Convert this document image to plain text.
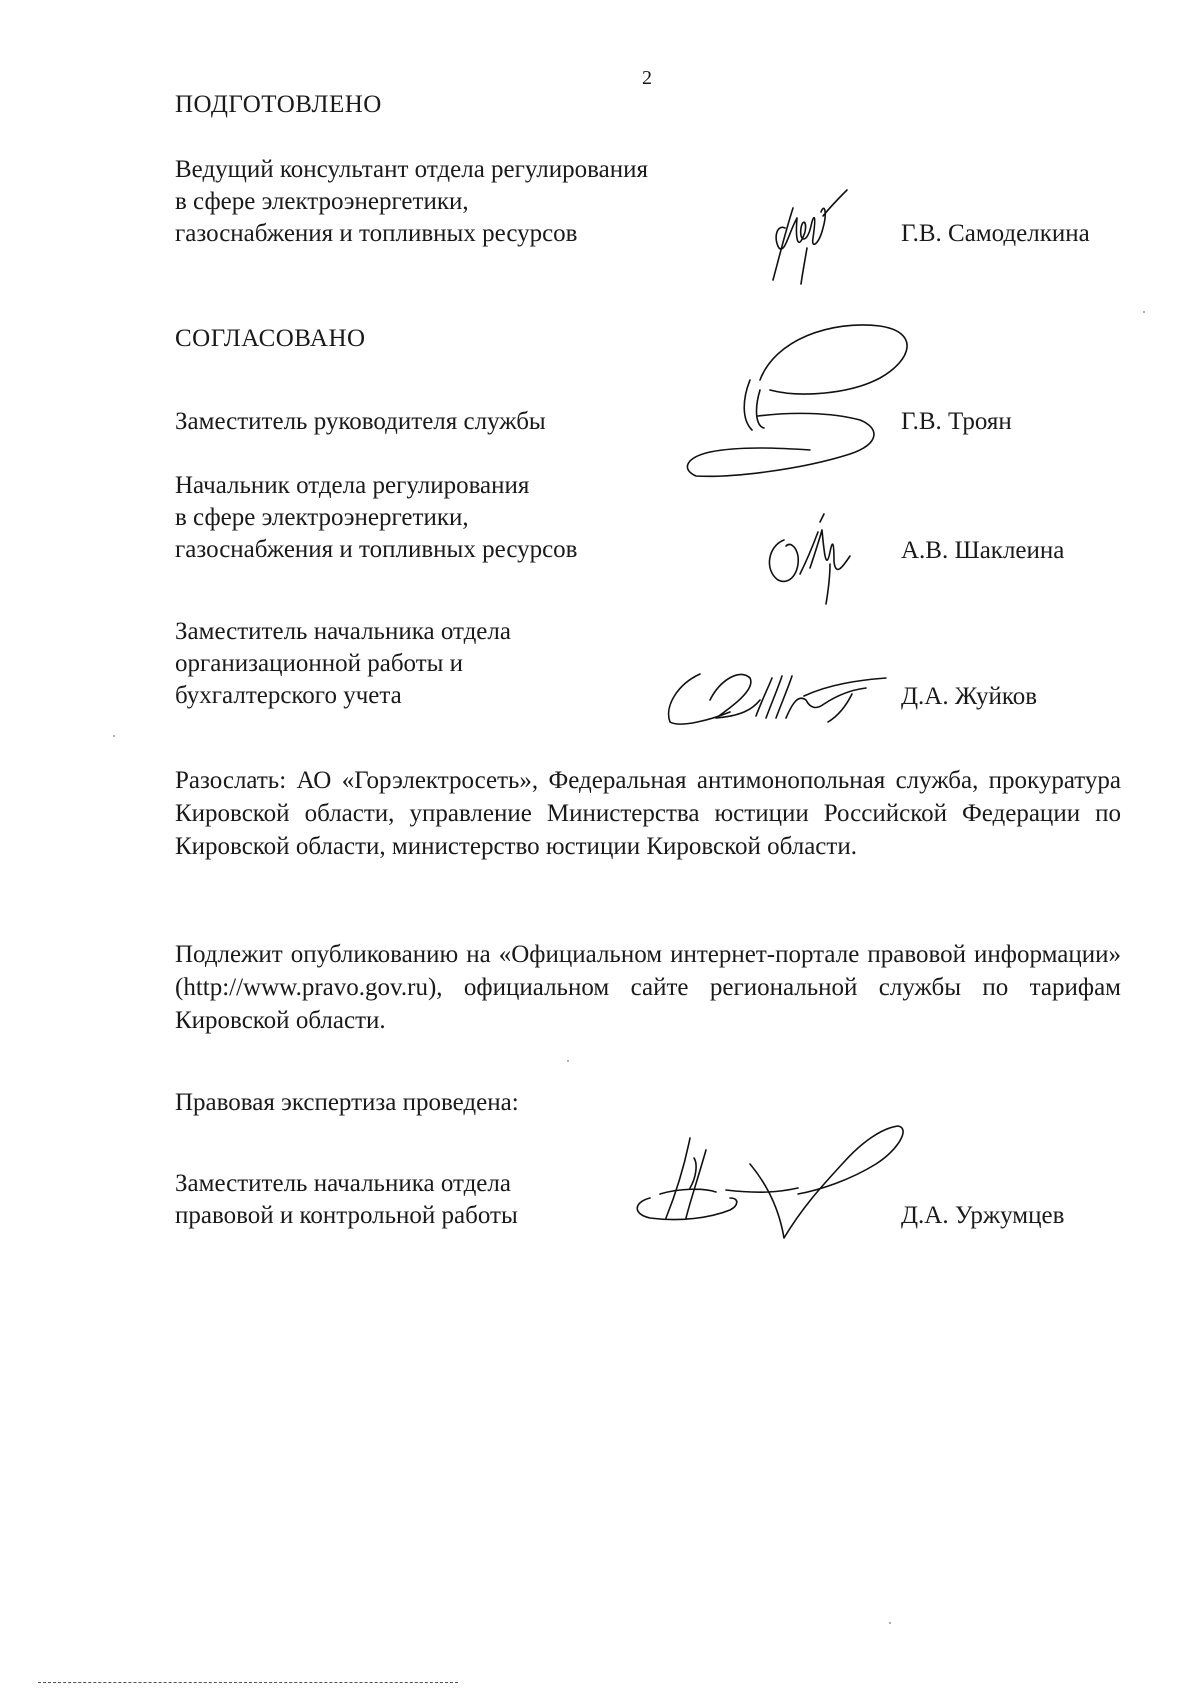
2
ПОДГОТОВЛЕНО
Ведущий консультант отдела регулирования
в сфере электроэнергетики,
газоснабжения и топливных ресурсов	Г.В. Самоделкина
СОГЛАСОВАНО
Заместитель руководителя службы	Г.В. Троян
Начальник отдела регулирования
в сфере электроэнергетики,
газоснабжения и топливных ресурсов	А.В. Шаклеина
Заместитель начальника отдела
организационной работы и
бухгалтерского учета	Д.А. Жуйков
Разослать: АО «Горэлектросеть», Федеральная антимонопольная служба, прокуратура Кировской области, управление Министерства юстиции Российской Федерации по Кировской области, министерство юстиции Кировской области.
Подлежит опубликованию на «Официальном интернет-портале правовой информации» (http://www.pravo.gov.ru), официальном сайте региональной службы по тарифам Кировской области.
Правовая экспертиза проведена:
Заместитель начальника отдела
правовой и контрольной работы	Д.А. Уржумцев
